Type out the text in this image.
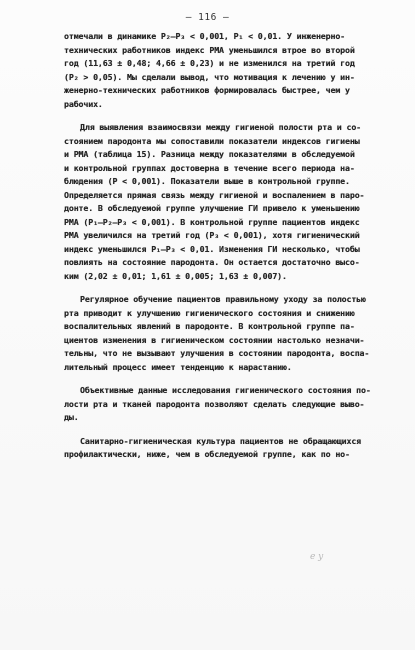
– 116 –
отмечали в динамике P₂–P₃ < 0,001, P₁ < 0,01. У инженерно-
технических работников индекс РМА уменьшился втрое во второй
год (11,63 ± 0,48; 4,66 ± 0,23) и не изменился на третий год
(P₂ > 0,05). Мы сделали вывод, что мотивация к лечению у ин-
женерно-технических работников формировалась быстрее, чем у
рабочих.
Для выявления взаимосвязи между гигиеной полости рта и со-
стоянием пародонта мы сопоставили показатели индексов гигиены
и РМА (таблица 15). Разница между показателями в обследуемой
и контрольной группах достоверна в течение всего периода на-
блюдения (P < 0,001). Показатели выше в контрольной группе.
Определяется прямая связь между гигиеной и воспалением в паро-
донте. В обследуемой группе улучшение ГИ привело к уменьшению
РМА (P₁–P₂–P₃ < 0,001). В контрольной группе пациентов индекс
РМА увеличился на третий год (P₃ < 0,001), хотя гигиенический
индекс уменьшился P₁–P₃ < 0,01. Изменения ГИ несколько, чтобы
повлиять на состояние пародонта. Он остается достаточно высо-
ким (2,02 ± 0,01; 1,61 ± 0,005; 1,63 ± 0,007).
Регулярное обучение пациентов правильному уходу за полостью
рта приводит к улучшению гигиенического состояния и снижению
воспалительных явлений в пародонте. В контрольной группе па-
циентов изменения в гигиеническом состоянии настолько незначи-
тельны, что не вызывают улучшения в состоянии пародонта, воспа-
лительный процесс имеет тенденцию к нарастанию.
Объективные данные исследования гигиенического состояния по-
лости рта и тканей пародонта позволяют сделать следующие выво-
ды.
Санитарно-гигиеническая культура пациентов не обращающихся
профилактически, ниже, чем в обследуемой группе, как по но-
e y
